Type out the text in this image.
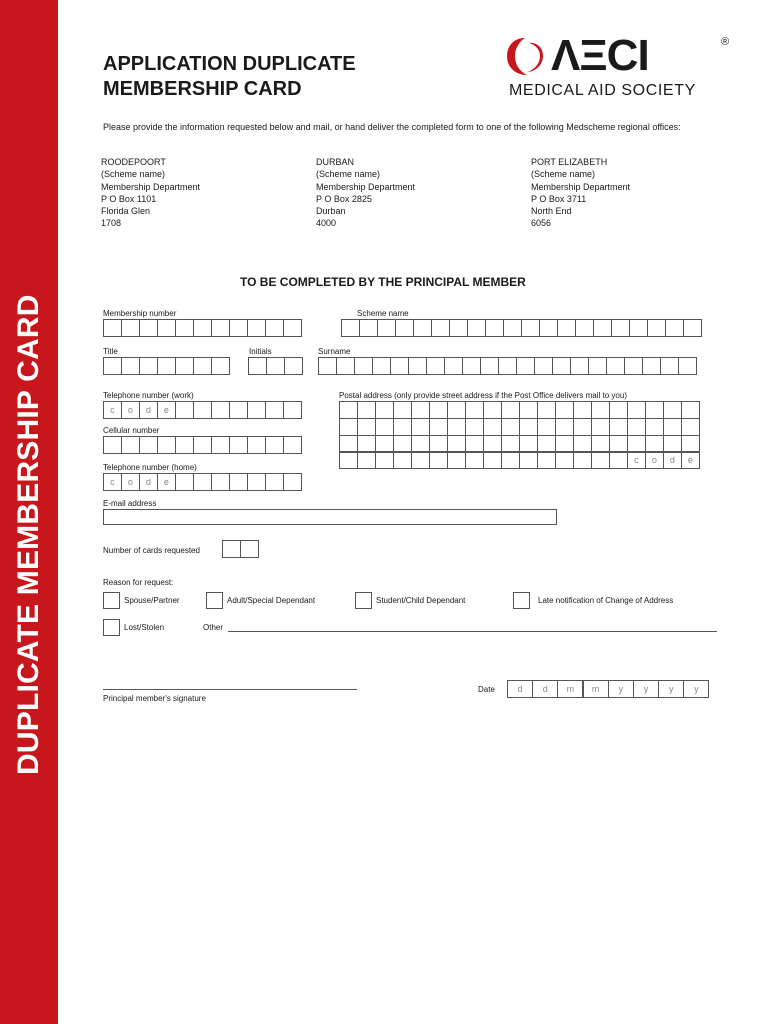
DUPLICATE MEMBERSHIP CARD
APPLICATION DUPLICATE
MEMBERSHIP CARD
ΛΞCI	®
MEDICAL AID SOCIETY
Please provide the information requested below and mail, or hand deliver the completed form to one of the following Medscheme regional offices:
ROODEPOORT
(Scheme name)
Membership Department
P O Box 1101
Florida Glen
1708
DURBAN
(Scheme name)
Membership Department
P O Box 2825
Durban
4000
PORT ELIZABETH
(Scheme name)
Membership Department
P O Box 3711
North End
6056
TO BE COMPLETED BY THE PRINCIPAL MEMBER
Membership number	Scheme name
Title	Initials	Surname
Telephone number (work)	Postal address (only provide street address if the Post Office delivers mail to you)
c	o	d	e
c	o	d	e
Cellular number
Telephone number (home)
c	o	d	e
E-mail address
Number of cards requested
Reason for request:
Spouse/Partner	Adult/Special Dependant	Student/Child Dependant	Late notification of Change of Address
Lost/Stolen	Other
Principal member's signature
Date	d	d	m	m	y	y	y	y
